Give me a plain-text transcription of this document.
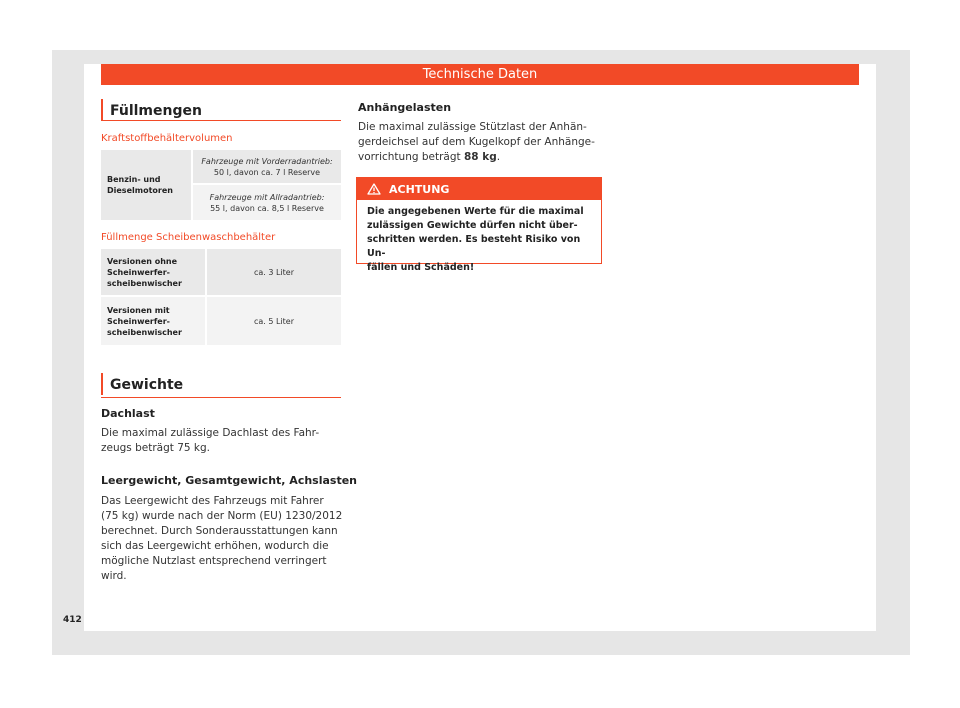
Technische Daten
Füllmengen
Kraftstoffbehältervolumen
Benzin- und
Dieselmotoren	Fahrzeuge mit Vorderradantrieb:
50 l, davon ca. 7 l Reserve
Fahrzeuge mit Allradantrieb:
55 l, davon ca. 8,5 l Reserve
Füllmenge Scheibenwaschbehälter
Versionen ohne
Scheinwerfer-
scheibenwischer	ca. 3 Liter
Versionen mit
Scheinwerfer-
scheibenwischer	ca. 5 Liter
Gewichte
Dachlast
Die maximal zulässige Dachlast des Fahr-
zeugs beträgt 75 kg.
Leergewicht, Gesamtgewicht, Achslasten
Das Leergewicht des Fahrzeugs mit Fahrer
(75 kg) wurde nach der Norm (EU) 1230/2012
berechnet. Durch Sonderausstattungen kann
sich das Leergewicht erhöhen, wodurch die
mögliche Nutzlast entsprechend verringert
wird.
Anhängelasten
Die maximal zulässige Stützlast der Anhän-
gerdeichsel auf dem Kugelkopf der Anhänge-
vorrichtung beträgt 88 kg.
ACHTUNG
Die angegebenen Werte für die maximal
zulässigen Gewichte dürfen nicht über-
schritten werden. Es besteht Risiko von Un-
fällen und Schäden!
412
